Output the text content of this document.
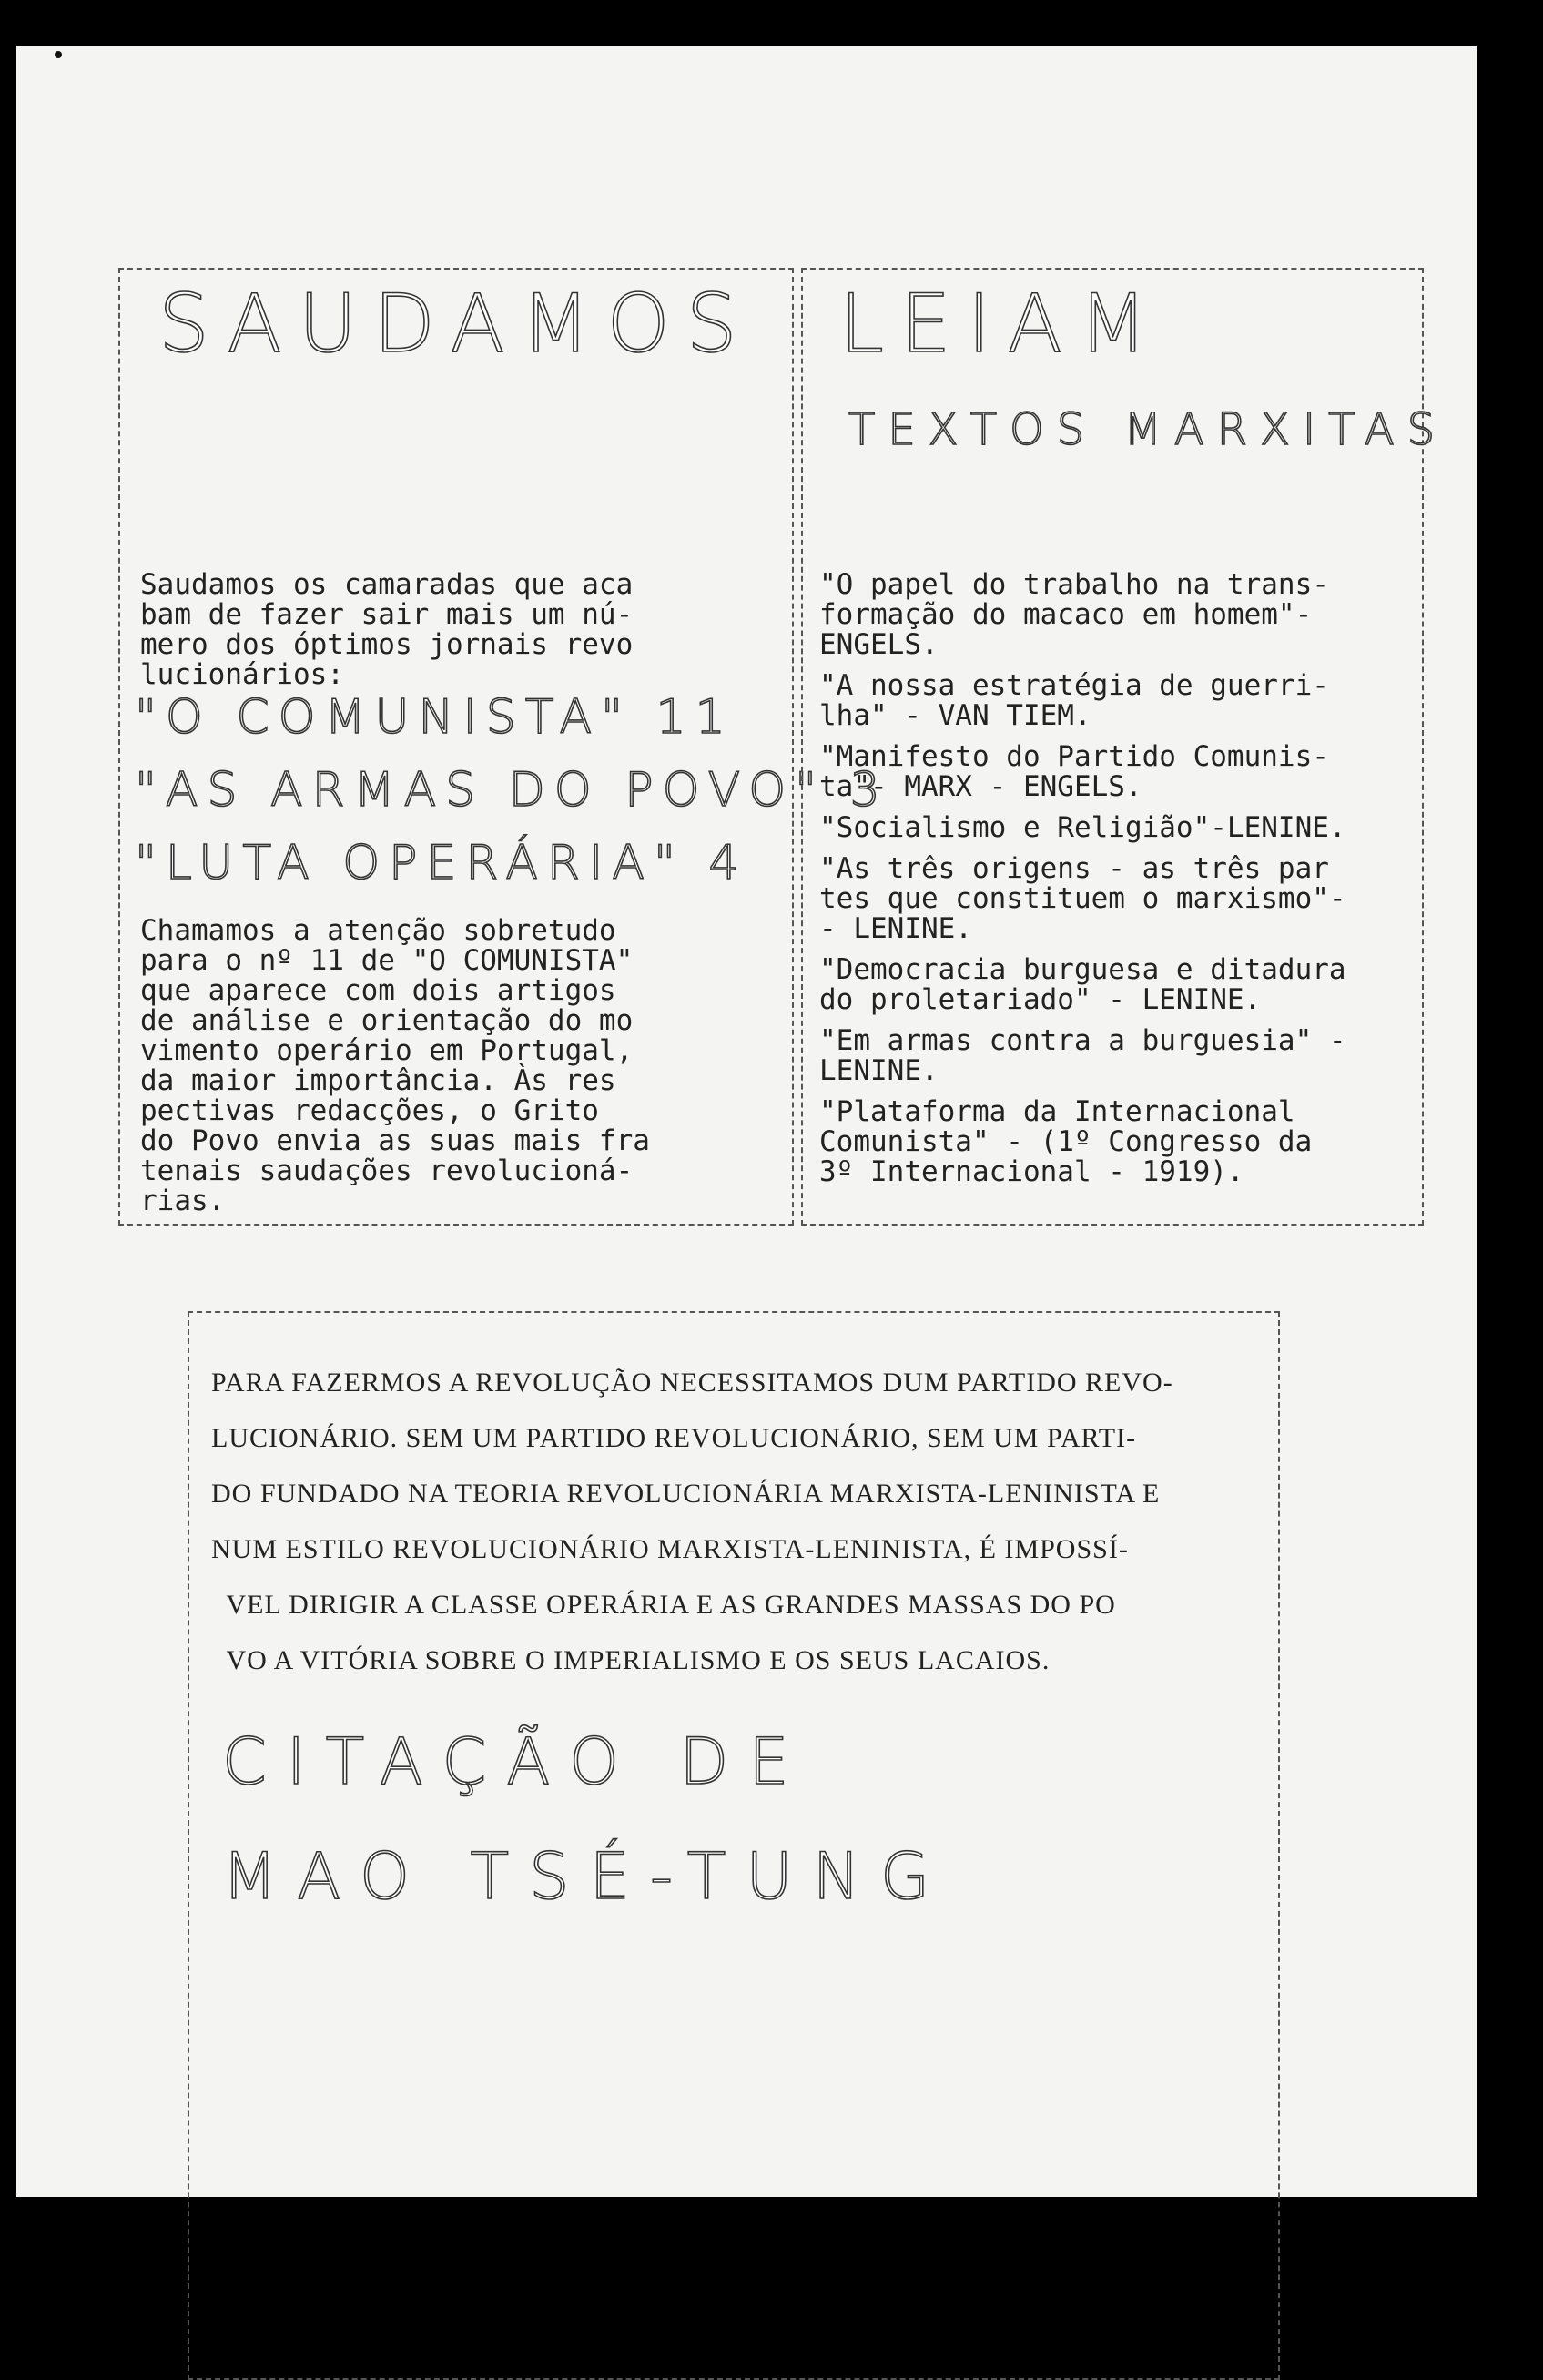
SAUDAMOS

Saudamos os camaradas que aca
bam de fazer sair mais um nú-
mero dos óptimos jornais revo
lucionários:

"O COMUNISTA" 11
"AS ARMAS DO POVO" 3
"LUTA OPERÁRIA" 4

Chamamos a atenção sobretudo
para o nº 11 de "O COMUNISTA"
que aparece com dois artigos
de análise e orientação do mo
vimento operário em Portugal,
da maior importância. Às res
pectivas redacções, o Grito
do Povo envia as suas mais fra
tenais saudações revolucioná-
rias.

LEIAM
TEXTOS MARXITAS

"O papel do trabalho na trans-
formação do macaco em homem"-
ENGELS.

"A nossa estratégia de guerri-
lha" - VAN TIEM.

"Manifesto do Partido Comunis-
ta"- MARX - ENGELS.

"Socialismo e Religião"-LENINE.

"As três origens - as três par
tes que constituem o marxismo"-
- LENINE.

"Democracia burguesa e ditadura
do proletariado" - LENINE.

"Em armas contra a burguesia" -
LENINE.

"Plataforma da Internacional
Comunista" - (1º Congresso da
3º Internacional - 1919).

PARA FAZERMOS A REVOLUÇÃO NECESSITAMOS DUM PARTIDO REVO-
LUCIONÁRIO. SEM UM PARTIDO REVOLUCIONÁRIO, SEM UM PARTI-
DO FUNDADO NA TEORIA REVOLUCIONÁRIA MARXISTA-LENINISTA E
NUM ESTILO REVOLUCIONÁRIO MARXISTA-LENINISTA, É IMPOSSÍ-
VEL DIRIGIR A CLASSE OPERÁRIA E AS GRANDES MASSAS DO PO
VO A VITÓRIA SOBRE O IMPERIALISMO E OS SEUS LACAIOS.

CITAÇÃO DE
MAO TSÉ-TUNG
